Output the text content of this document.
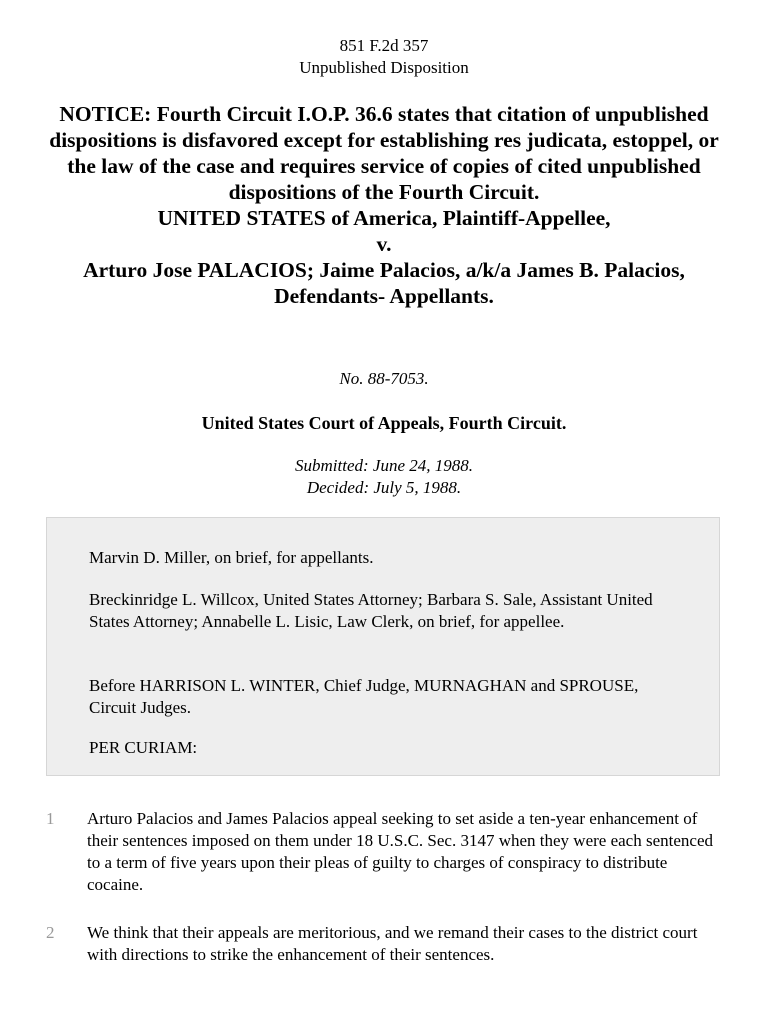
851 F.2d 357
Unpublished Disposition
NOTICE: Fourth Circuit I.O.P. 36.6 states that citation of unpublished dispositions is disfavored except for establishing res judicata, estoppel, or the law of the case and requires service of copies of cited unpublished dispositions of the Fourth Circuit.
UNITED STATES of America, Plaintiff-Appellee,
v.
Arturo Jose PALACIOS; Jaime Palacios, a/k/a James B. Palacios, Defendants- Appellants.
No. 88-7053.
United States Court of Appeals, Fourth Circuit.
Submitted: June 24, 1988.
Decided: July 5, 1988.

Marvin D. Miller, on brief, for appellants.

Breckinridge L. Willcox, United States Attorney; Barbara S. Sale, Assistant United States Attorney; Annabelle L. Lisic, Law Clerk, on brief, for appellee.

Before HARRISON L. WINTER, Chief Judge, MURNAGHAN and SPROUSE, Circuit Judges.

PER CURIAM:

1	Arturo Palacios and James Palacios appeal seeking to set aside a ten-year enhancement of their sentences imposed on them under 18 U.S.C. Sec. 3147 when they were each sentenced to a term of five years upon their pleas of guilty to charges of conspiracy to distribute cocaine.
2	We think that their appeals are meritorious, and we remand their cases to the district court with directions to strike the enhancement of their sentences.
